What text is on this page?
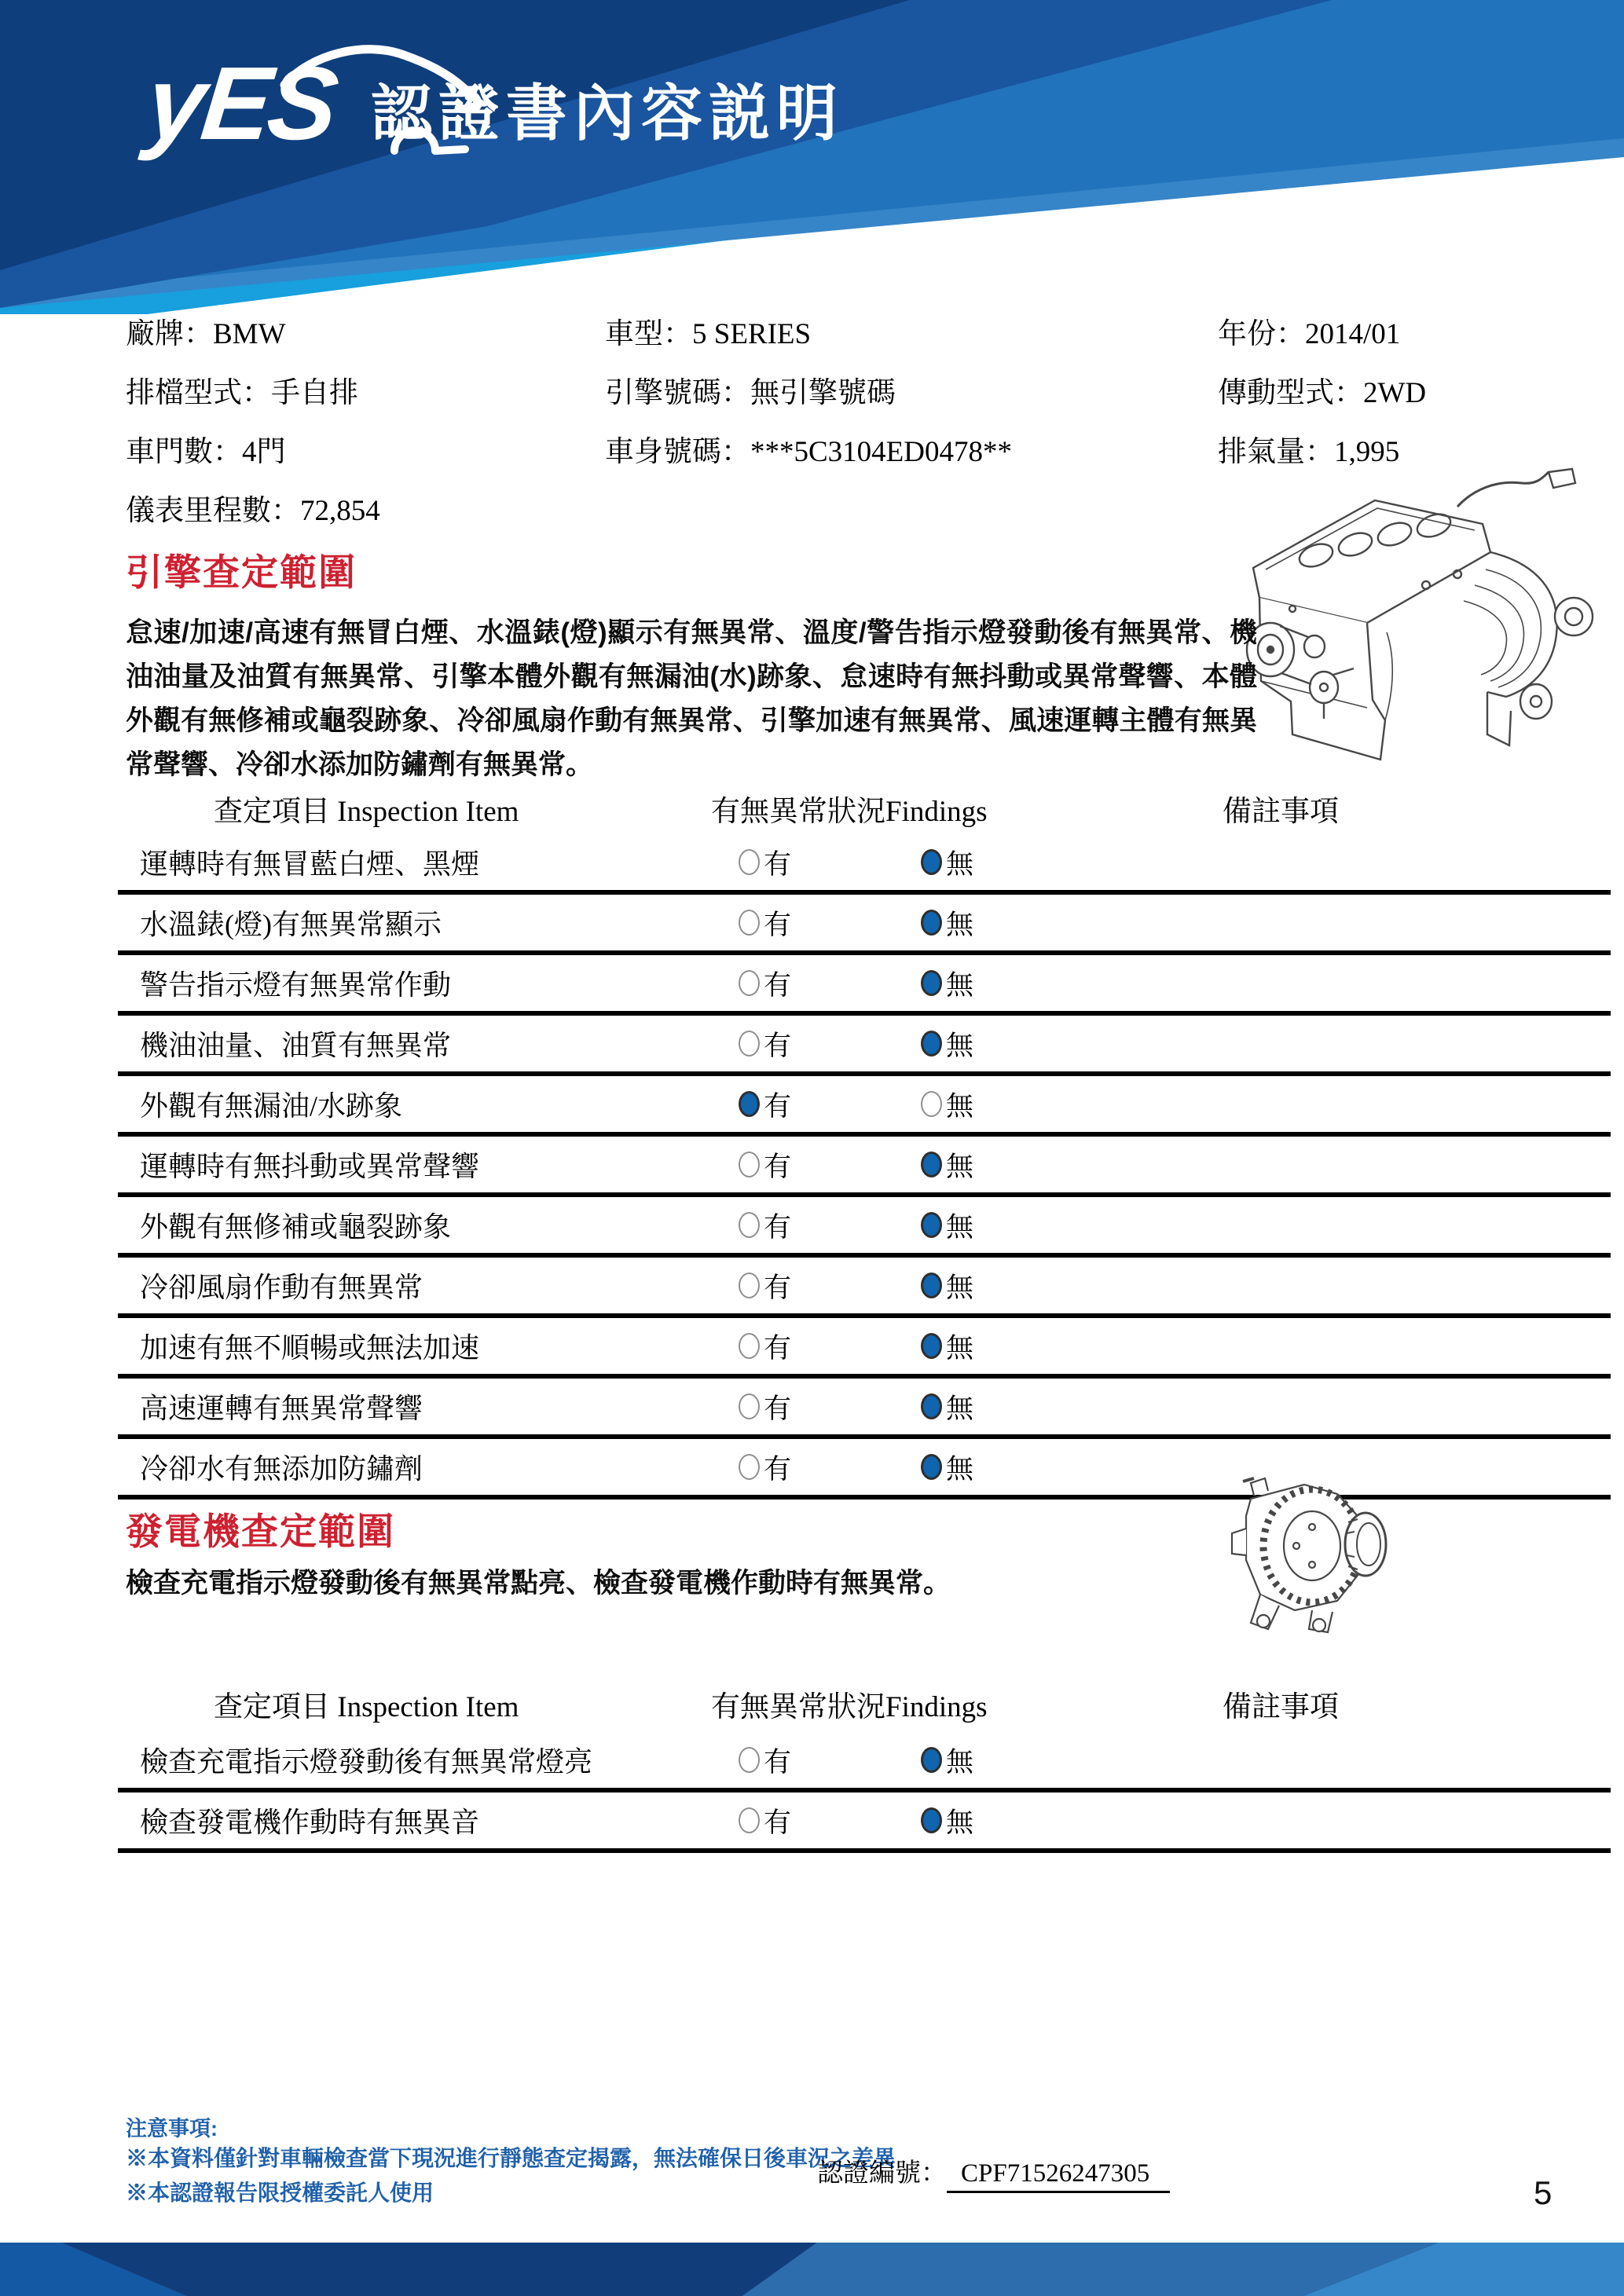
yES 認證書內容説明
廠牌：BMW
排檔型式：手自排
車門數：4門
儀表里程數：72,854
車型：5 SERIES
引擎號碼：無引擎號碼
車身號碼：***5C3104ED0478**
年份：2014/01
傳動型式：2WD
排氣量：1,995
引擎查定範圍
怠速/加速/高速有無冒白煙、水溫錶(燈)顯示有無異常、溫度/警告指示燈發動後有無異常、機油油量及油質有無異常、引擎本體外觀有無漏油(水)跡象、怠速時有無抖動或異常聲響、本體外觀有無修補或龜裂跡象、冷卻風扇作動有無異常、引擎加速有無異常、風速運轉主體有無異常聲響、冷卻水添加防鏽劑有無異常。
查定項目 Inspection Item	有無異常狀況Findings	備註事項
運轉時有無冒藍白煙、黑煙	有	無
水溫錶(燈)有無異常顯示	有	無
警告指示燈有無異常作動	有	無
機油油量、油質有無異常	有	無
外觀有無漏油/水跡象	有	無
運轉時有無抖動或異常聲響	有	無
外觀有無修補或龜裂跡象	有	無
冷卻風扇作動有無異常	有	無
加速有無不順暢或無法加速	有	無
高速運轉有無異常聲響	有	無
冷卻水有無添加防鏽劑	有	無
發電機查定範圍
檢查充電指示燈發動後有無異常點亮、檢查發電機作動時有無異常。
查定項目 Inspection Item	有無異常狀況Findings	備註事項
檢查充電指示燈發動後有無異常燈亮	有	無
檢查發電機作動時有無異音	有	無
注意事項:
※本資料僅針對車輛檢查當下現況進行靜態查定揭露，無法確保日後車況之差異
※本認證報告限授權委託人使用
認證編號： CPF71526247305
5
